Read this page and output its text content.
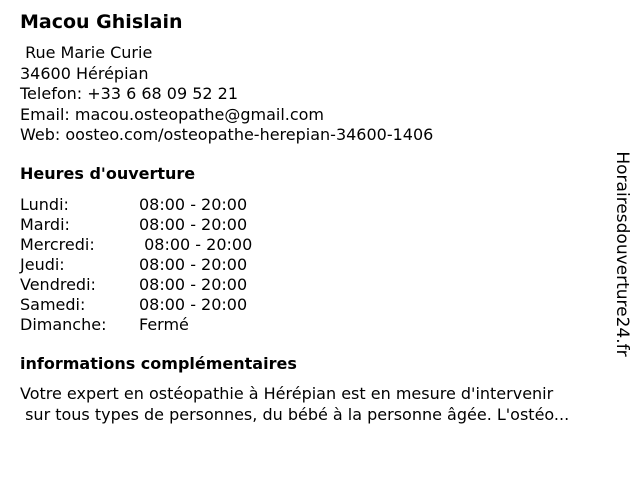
Macou Ghislain
Rue Marie Curie
34600 Hérépian
Telefon: +33 6 68 09 52 21
Email: macou.osteopathe@gmail.com
Web: oosteo.com/osteopathe-herepian-34600-1406
Heures d'ouverture
Lundi:	08:00 - 20:00
Mardi:	08:00 - 20:00
Mercredi:	08:00 - 20:00
Jeudi:	08:00 - 20:00
Vendredi:	08:00 - 20:00
Samedi:	08:00 - 20:00
Dimanche:	Fermé
informations complémentaires
Votre expert en ostéopathie à Hérépian est en mesure d'intervenir
sur tous types de personnes, du bébé à la personne âgée. L'ostéo...
Horairesdouverture24.fr
